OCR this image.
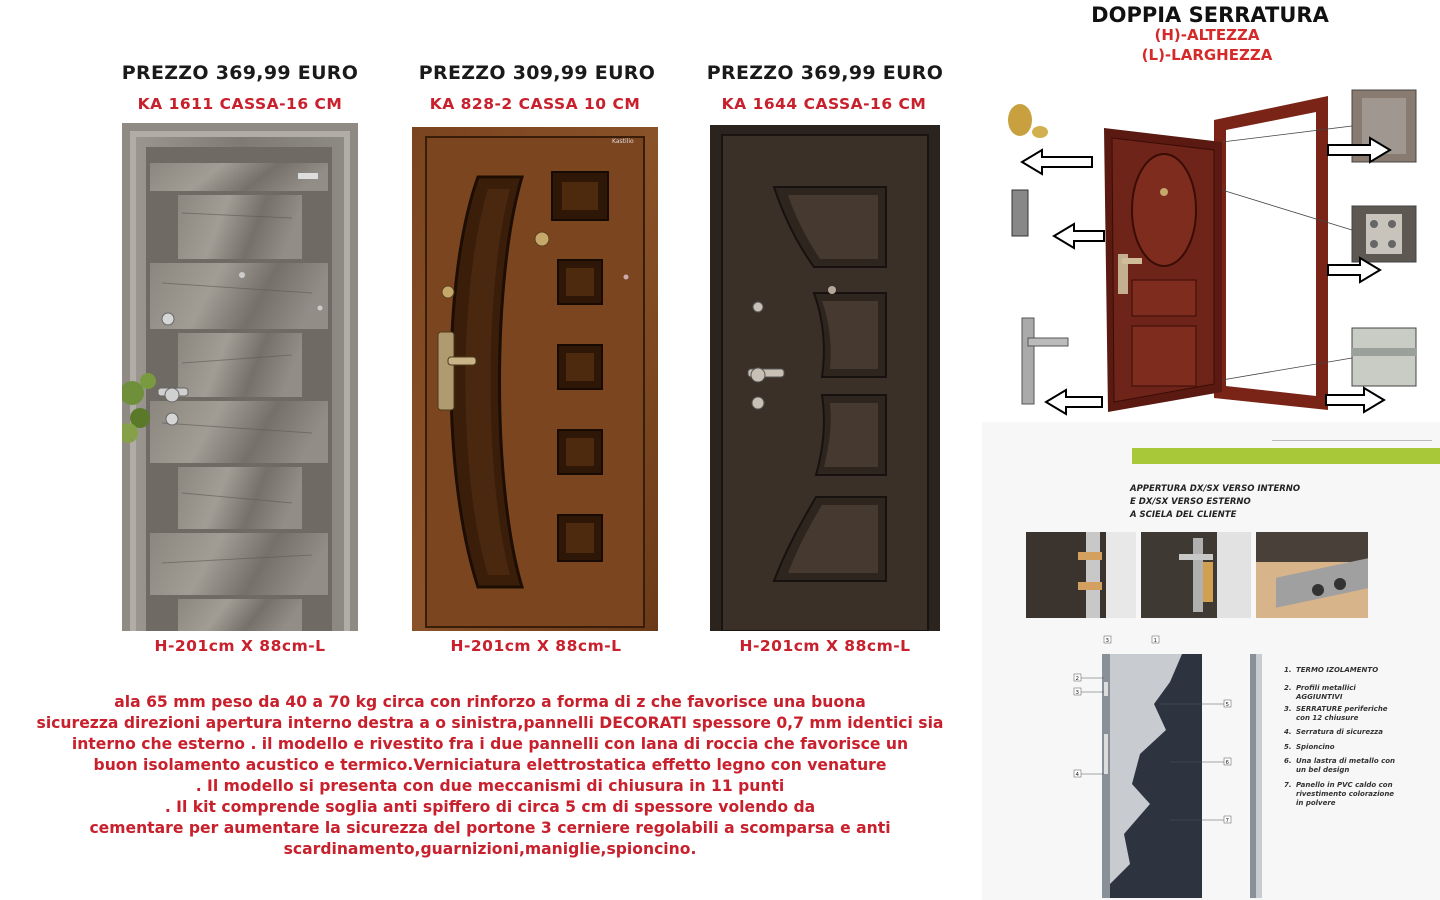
PREZZO 369,99 EURO
KA 1611 CASSA-16 CM
PREZZO 309,99 EURO
KA 828-2 CASSA 10 CM
PREZZO 369,99 EURO
KA 1644 CASSA-16 CM
Kastilio
H-201cm X 88cm-L	H-201cm X 88cm-L	H-201cm X 88cm-L
ala 65 mm peso da 40 a 70 kg circa con rinforzo a forma di z che favorisce una buona
sicurezza direzioni apertura interno destra a o sinistra,pannelli DECORATI spessore 0,7 mm identici sia
interno che esterno . il modello e rivestito fra i due pannelli con lana di roccia che favorisce un
buon isolamento acustico e termico.Verniciatura elettrostatica effetto legno con venature
. Il modello si presenta con due meccanismi di chiusura in 11 punti
. Il kit comprende soglia anti spiffero di circa 5 cm di spessore volendo da
cementare per aumentare la sicurezza del portone 3 cerniere regolabili a scomparsa e anti
scardinamento,guarnizioni,maniglie,spioncino.
DOPPIA SERRATURA
(H)-ALTEZZA
(L)-LARGHEZZA
APPERTURA DX/SX VERSO INTERNO
E DX/SX VERSO ESTERNO
A SCIELA DEL CLIENTE
3	1
2
3
5
4
6
7
1. TERMO IZOLAMENTO
2. Profili metallici
AGGIUNTIVI
3. SERRATURE periferiche
con 12 chiusure
4. Serratura di sicurezza
5. Spioncino
6. Una lastra di metallo con
un bel design
7. Panello in PVC caldo con
rivestimento colorazione
in polvere
